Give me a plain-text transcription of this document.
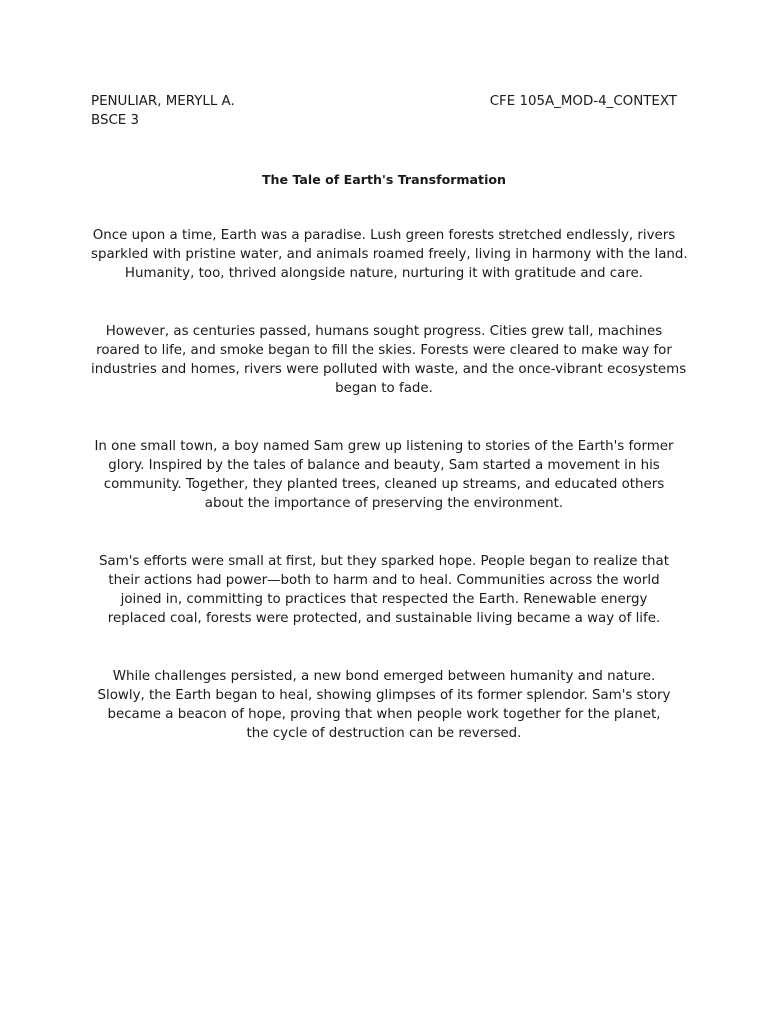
PENULIAR, MERYLL A.
BSCE 3
CFE 105A_MOD-4_CONTEXT
The Tale of Earth's Transformation

Once upon a time, Earth was a paradise. Lush green forests stretched endlessly, rivers
sparkled with pristine water, and animals roamed freely, living in harmony with the land.
Humanity, too, thrived alongside nature, nurturing it with gratitude and care.

However, as centuries passed, humans sought progress. Cities grew tall, machines
roared to life, and smoke began to fill the skies. Forests were cleared to make way for
industries and homes, rivers were polluted with waste, and the once-vibrant ecosystems
began to fade.

In one small town, a boy named Sam grew up listening to stories of the Earth's former
glory. Inspired by the tales of balance and beauty, Sam started a movement in his
community. Together, they planted trees, cleaned up streams, and educated others
about the importance of preserving the environment.

Sam's efforts were small at first, but they sparked hope. People began to realize that
their actions had power—both to harm and to heal. Communities across the world
joined in, committing to practices that respected the Earth. Renewable energy
replaced coal, forests were protected, and sustainable living became a way of life.

While challenges persisted, a new bond emerged between humanity and nature.
Slowly, the Earth began to heal, showing glimpses of its former splendor. Sam's story
became a beacon of hope, proving that when people work together for the planet,
the cycle of destruction can be reversed.
